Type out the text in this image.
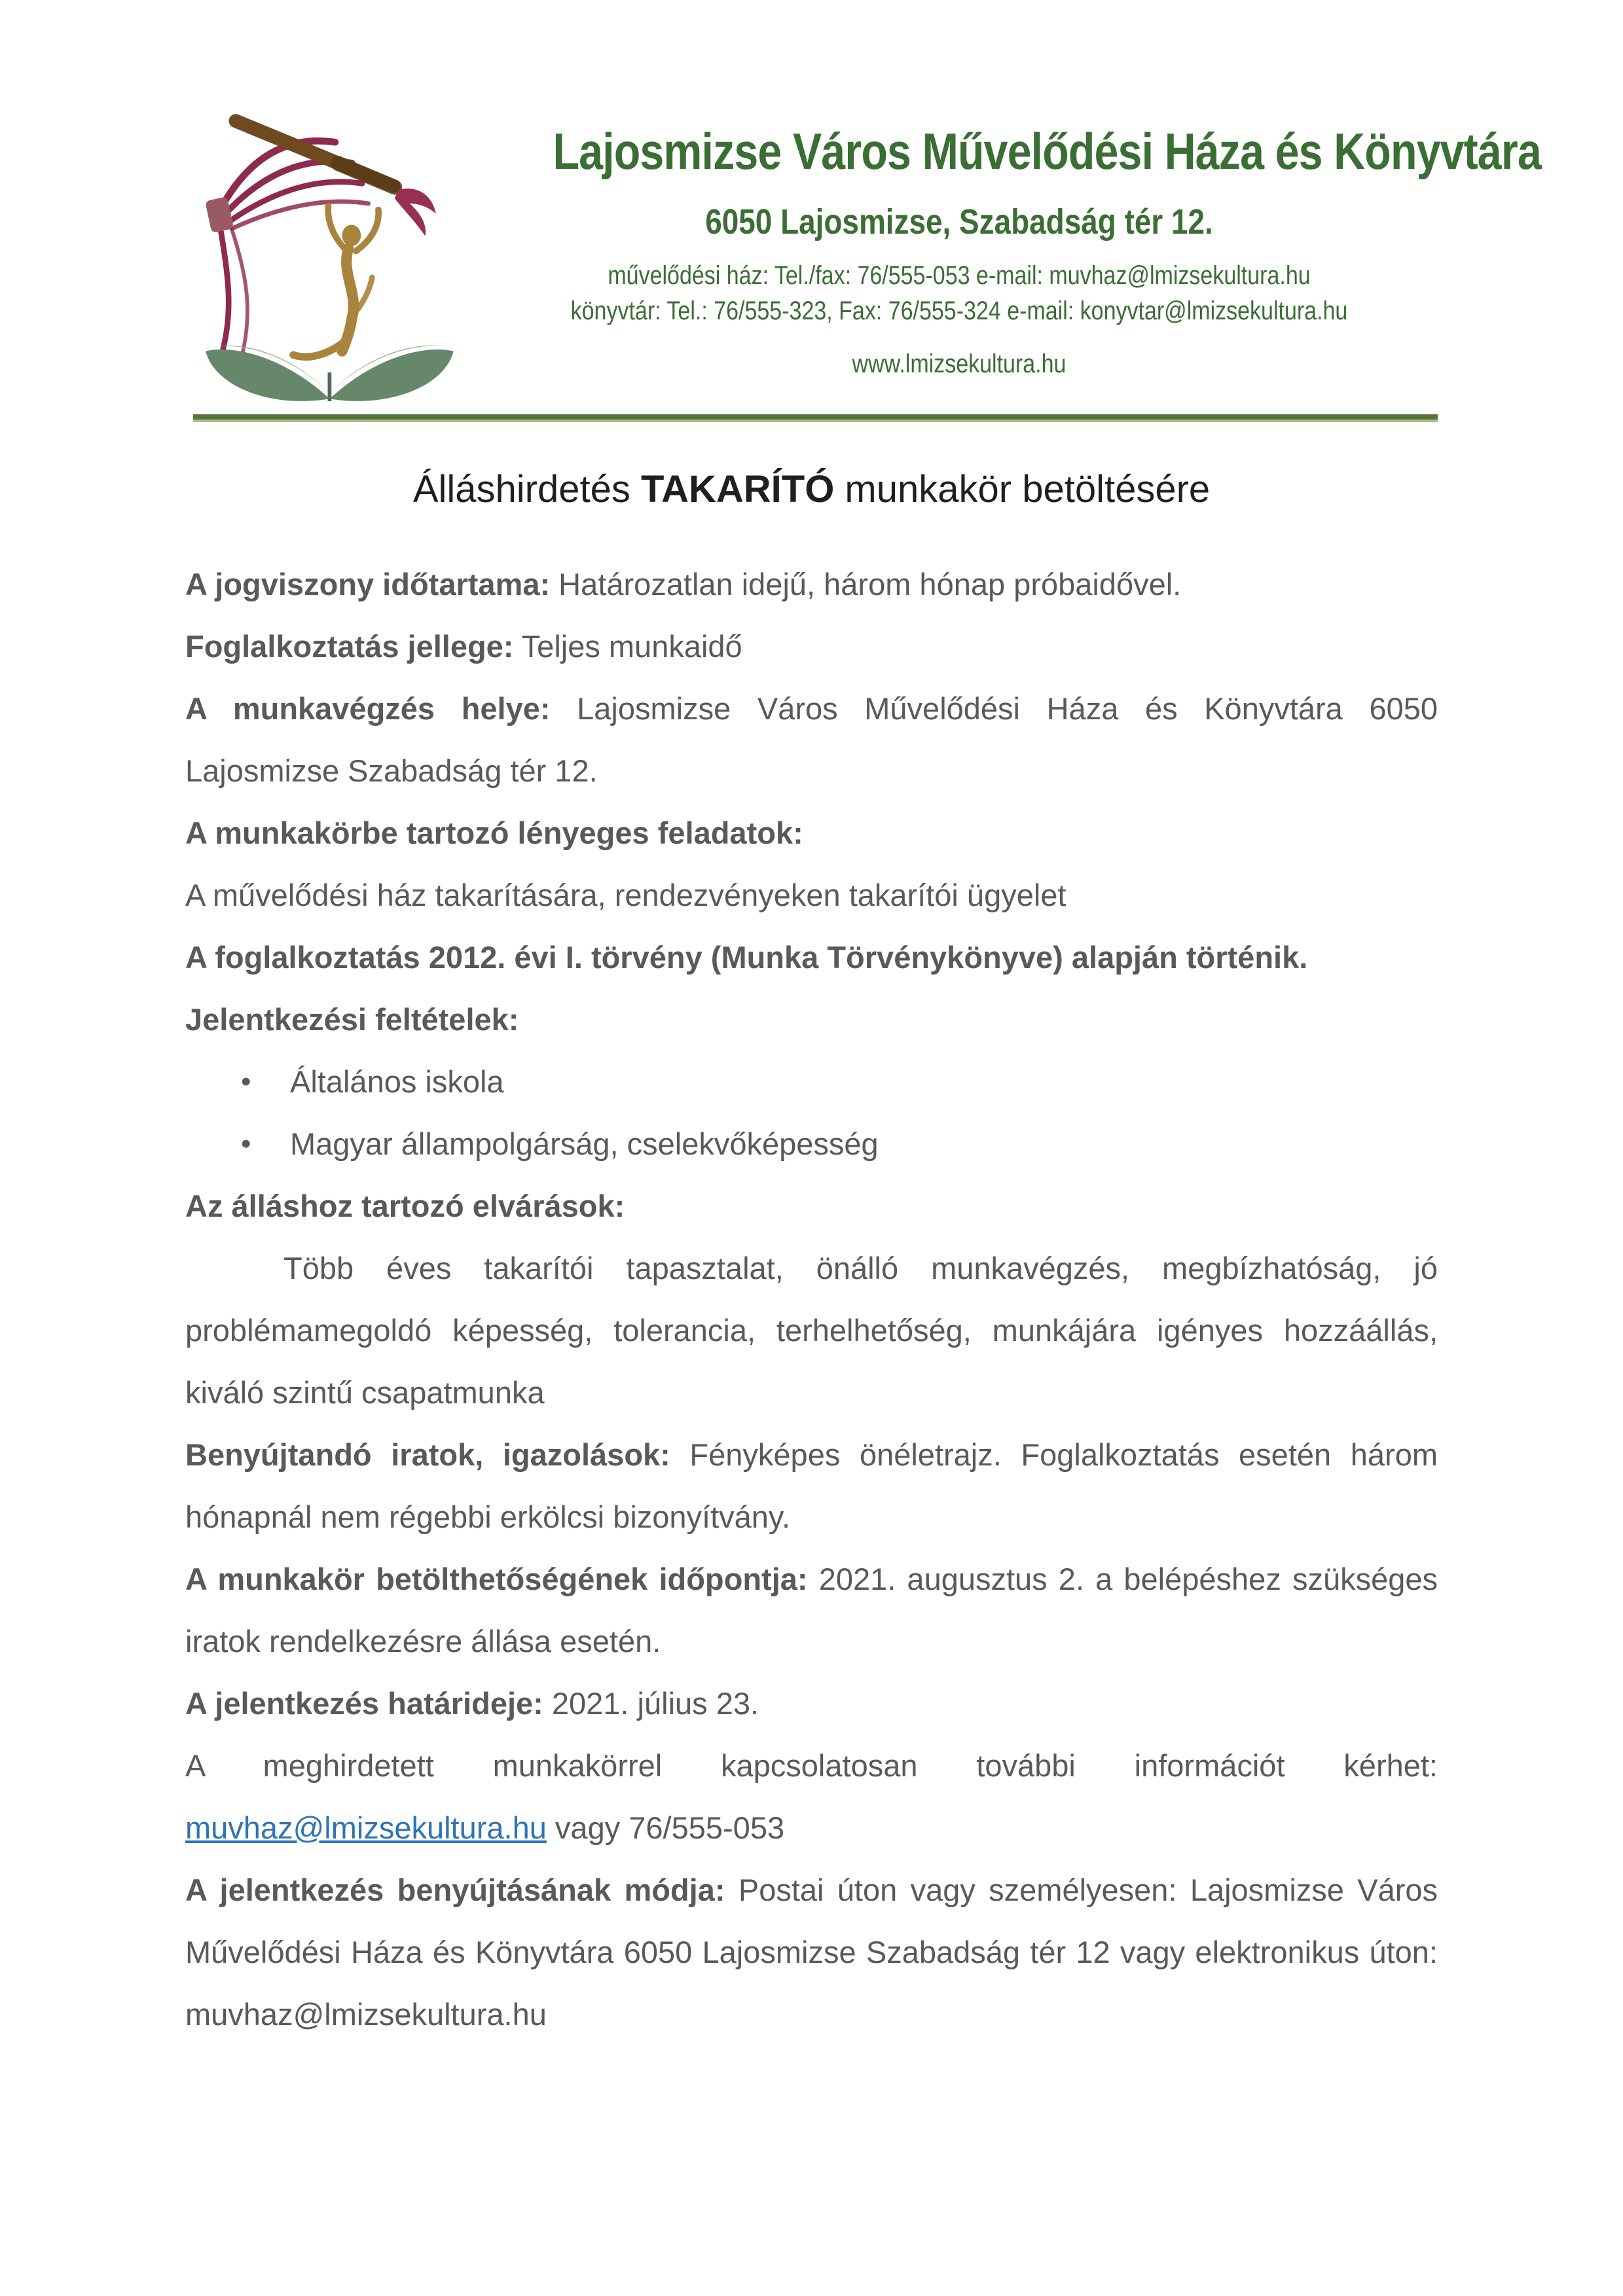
Lajosmizse Város Művelődési Háza és Könyvtára
6050 Lajosmizse, Szabadság tér 12.
művelődési ház: Tel./fax: 76/555-053 e-mail: muvhaz@lmizsekultura.hu
könyvtár: Tel.: 76/555-323, Fax: 76/555-324 e-mail: konyvtar@lmizsekultura.hu
www.lmizsekultura.hu
Álláshirdetés TAKARÍTÓ munkakör betöltésére

A jogviszony időtartama: Határozatlan idejű, három hónap próbaidővel.

Foglalkoztatás jellege: Teljes munkaidő

A munkavégzés helye: Lajosmizse Város Művelődési Háza és Könyvtára 6050 Lajosmizse Szabadság tér 12.

A munkakörbe tartozó lényeges feladatok:

A művelődési ház takarítására, rendezvényeken takarítói ügyelet

A foglalkoztatás 2012. évi I. törvény (Munka Törvénykönyve) alapján történik.

Jelentkezési feltételek:

• Általános iskola
• Magyar állampolgárság, cselekvőképesség

Az álláshoz tartozó elvárások:

Több éves takarítói tapasztalat, önálló munkavégzés, megbízhatóság, jó problémamegoldó képesség, tolerancia, terhelhetőség, munkájára igényes hozzáállás, kiváló szintű csapatmunka

Benyújtandó iratok, igazolások: Fényképes önéletrajz. Foglalkoztatás esetén három hónapnál nem régebbi erkölcsi bizonyítvány.

A munkakör betölthetőségének időpontja: 2021. augusztus 2. a belépéshez szükséges iratok rendelkezésre állása esetén.

A jelentkezés határideje: 2021. július 23.

A meghirdetett munkakörrel kapcsolatosan további információt kérhet:

muvhaz@lmizsekultura.hu vagy 76/555-053

A jelentkezés benyújtásának módja: Postai úton vagy személyesen: Lajosmizse Város Művelődési Háza és Könyvtára 6050 Lajosmizse Szabadság tér 12 vagy elektronikus úton: muvhaz@lmizsekultura.hu
